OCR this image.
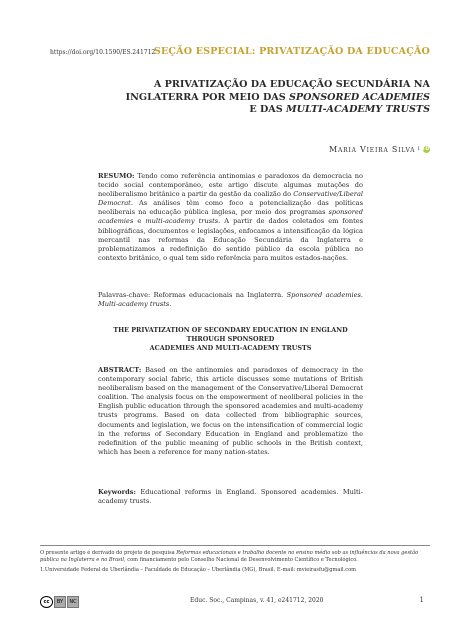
https://doi.org/10.1590/ES.241712
SEÇÃO ESPECIAL: PRIVATIZAÇÃO DA EDUCAÇÃO
A PRIVATIZAÇÃO DA EDUCAÇÃO SECUNDÁRIA NA
INGLATERRA POR MEIO DAS SPONSORED ACADEMIES
E DAS MULTI-ACADEMY TRUSTS
Maria Vieira Silva 1 iD

RESUMO: Tendo como referência antinomias e paradoxos da democracia no tecido social contemporâneo, este artigo discute algumas mutações do neoliberalismo britânico a partir da gestão da coalizão do Conservative/Liberal Democrat. As análises têm como foco a potencialização das políticas neoliberais na educação pública inglesa, por meio dos programas sponsored academies e multi-academy trusts. A partir de dados coletados em fontes bibliográficas, documentos e legislações, enfocamos a intensificação da lógica mercantil nas reformas da Educação Secundária da Inglaterra e problematizamos a redefinição do sentido público da escola pública no contexto britânico, o qual tem sido referência para muitos estados-nações.

Palavras-chave: Reformas educacionais na Inglaterra. Sponsored academies. Multi-academy trusts.

THE PRIVATIZATION OF SECONDARY EDUCATION IN ENGLAND
THROUGH SPONSORED
ACADEMIES AND MULTI-ACADEMY TRUSTS

ABSTRACT: Based on the antinomies and paradoxes of democracy in the contemporary social fabric, this article discusses some mutations of British neoliberalism based on the management of the Conservative/Liberal Democrat coalition. The analysis focus on the empowerment of neoliberal policies in the English public education through the sponsored academies and multi-academy trusts programs. Based on data collected from bibliographic sources, documents and legislation, we focus on the intensification of commercial logic in the reforms of Secondary Education in England and problematize the redefinition of the public meaning of public schools in the British context, which has been a reference for many nation-states.

Keywords: Educational reforms in England. Sponsored academies. Multi-academy trusts.

O presente artigo é derivado do projeto de pesquisa Reformas educacionais e trabalho docente no ensino médio sob as influências da nova gestão pública na Inglaterra e no Brasil, com financiamento pelo Conselho Nacional de Desenvolvimento Científico e Tecnológico.

1.Universidade Federal de Uberlândia – Faculdade de Educação – Uberlândia (MG), Brasil. E-mail: mvieirasfu@gmail.com

cc	BY	NC	Educ. Soc., Campinas, v. 41, e241712, 2020	1
